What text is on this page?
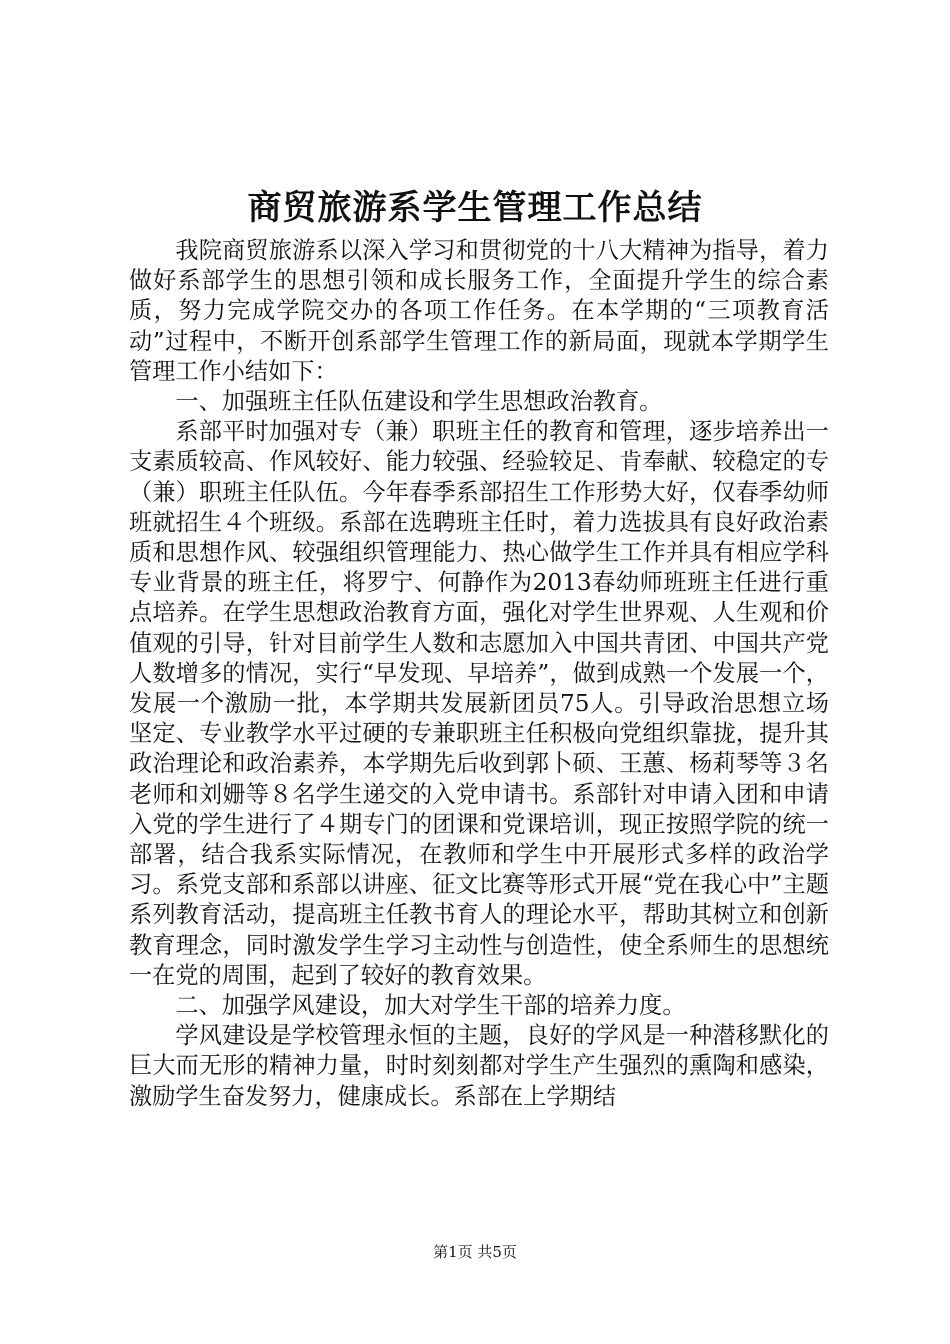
商贸旅游系学生管理工作总结

我院商贸旅游系以深入学习和贯彻党的十八大精神为指导，着力做好系部学生的思想引领和成长服务工作，全面提升学生的综合素质，努力完成学院交办的各项工作任务。在本学期的“三项教育活动”过程中，不断开创系部学生管理工作的新局面，现就本学期学生管理工作小结如下：

一、加强班主任队伍建设和学生思想政治教育。

系部平时加强对专（兼）职班主任的教育和管理，逐步培养出一支素质较高、作风较好、能力较强、经验较足、肯奉献、较稳定的专（兼）职班主任队伍。今年春季系部招生工作形势大好，仅春季幼师班就招生４个班级。系部在选聘班主任时，着力选拔具有良好政治素质和思想作风、较强组织管理能力、热心做学生工作并具有相应学科专业背景的班主任，将罗宁、何静作为2013春幼师班班主任进行重点培养。在学生思想政治教育方面，强化对学生世界观、人生观和价值观的引导，针对目前学生人数和志愿加入中国共青团、中国共产党人数增多的情况，实行“早发现、早培养”，做到成熟一个发展一个，发展一个激励一批，本学期共发展新团员75人。引导政治思想立场坚定、专业教学水平过硬的专兼职班主任积极向党组织靠拢，提升其政治理论和政治素养，本学期先后收到郭卜硕、王蕙、杨莉琴等３名老师和刘姗等８名学生递交的入党申请书。系部针对申请入团和申请入党的学生进行了４期专门的团课和党课培训，现正按照学院的统一部署，结合我系实际情况，在教师和学生中开展形式多样的政治学习。系党支部和系部以讲座、征文比赛等形式开展“党在我心中”主题系列教育活动，提高班主任教书育人的理论水平，帮助其树立和创新教育理念，同时激发学生学习主动性与创造性，使全系师生的思想统一在党的周围，起到了较好的教育效果。

二、加强学风建设，加大对学生干部的培养力度。

学风建设是学校管理永恒的主题，良好的学风是一种潜移默化的巨大而无形的精神力量，时时刻刻都对学生产生强烈的熏陶和感染，激励学生奋发努力，健康成长。系部在上学期结

第1页 共5页
